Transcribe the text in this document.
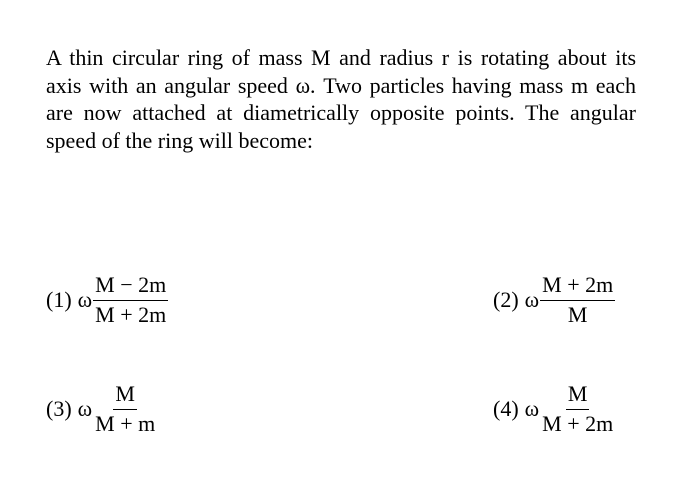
A thin circular ring of mass M and radius r is rotating about its axis with an angular speed ω. Two particles having mass m each are now attached at diametrically opposite points. The angular speed of the ring will become:

(1) ω $\frac{M - 2m}{M + 2m}$	(2) ω $\frac{M + 2m}{M}$
(3) ω $\frac{M}{M + m}$	(4) ω $\frac{M}{M + 2m}$
